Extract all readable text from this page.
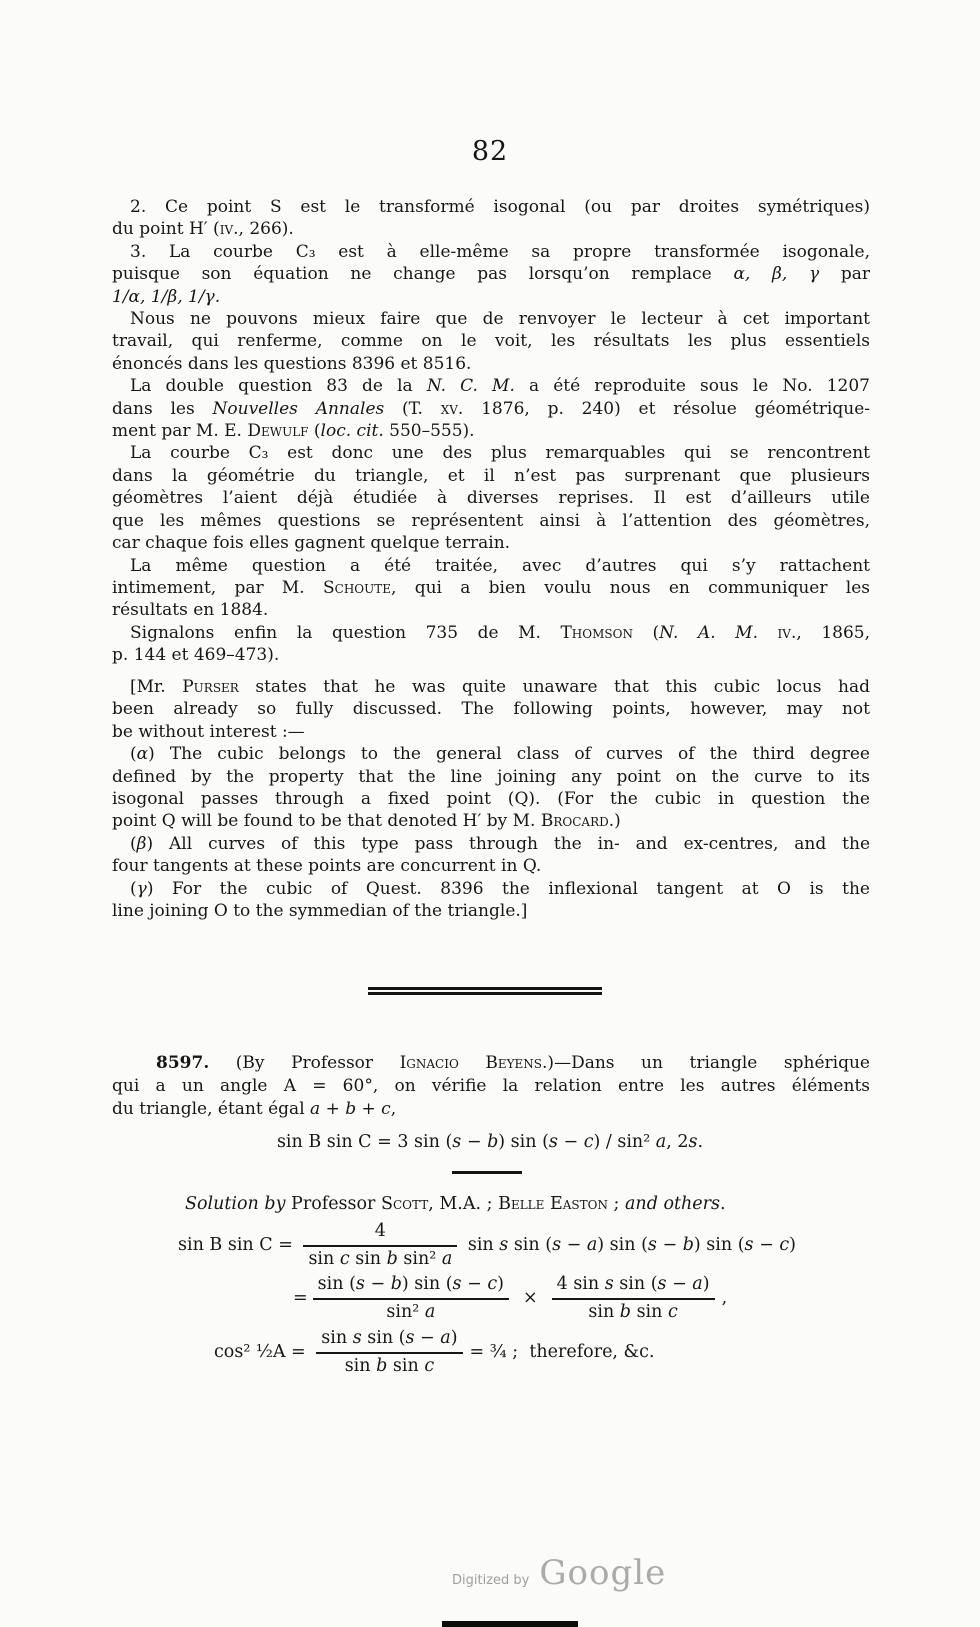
82
2. Ce point S est le transformé isogonal (ou par droites symétriques)
du point H′ (iv., 266).
3. La courbe C₃ est à elle-même sa propre transformée isogonale,
puisque son équation ne change pas lorsqu’on remplace α, β, γ par
1/α, 1/β, 1/γ.
Nous ne pouvons mieux faire que de renvoyer le lecteur à cet important
travail, qui renferme, comme on le voit, les résultats les plus essentiels
énoncés dans les questions 8396 et 8516.
La double question 83 de la N. C. M. a été reproduite sous le No. 1207
dans les Nouvelles Annales (T. xv. 1876, p. 240) et résolue géométrique-
ment par M. E. Dewulf (loc. cit. 550–555).
La courbe C₃ est donc une des plus remarquables qui se rencontrent
dans la géométrie du triangle, et il n’est pas surprenant que plusieurs
géomètres l’aient déjà étudiée à diverses reprises. Il est d’ailleurs utile
que les mêmes questions se représentent ainsi à l’attention des géomètres,
car chaque fois elles gagnent quelque terrain.
La même question a été traitée, avec d’autres qui s’y rattachent
intimement, par M. Schoute, qui a bien voulu nous en communiquer les
résultats en 1884.
Signalons enfin la question 735 de M. Thomson (N. A. M. iv., 1865,
p. 144 et 469–473).
[Mr. Purser states that he was quite unaware that this cubic locus had
been already so fully discussed. The following points, however, may not
be without interest :—
(α) The cubic belongs to the general class of curves of the third degree
defined by the property that the line joining any point on the curve to its
isogonal passes through a fixed point (Q). (For the cubic in question the
point Q will be found to be that denoted H′ by M. Brocard.)
(β) All curves of this type pass through the in- and ex-centres, and the
four tangents at these points are concurrent in Q.
(γ) For the cubic of Quest. 8396 the inflexional tangent at O is the
line joining O to the symmedian of the triangle.]
8597. (By Professor Ignacio Beyens.)—Dans un triangle sphérique
qui a un angle A = 60°, on vérifie la relation entre les autres éléments
du triangle, étant égal a + b + c,
sin B sin C = 3 sin (s − b) sin (s − c) / sin² a, 2s.
Solution by Professor Scott, M.A. ; Belle Easton ; and others.
sin B $\sin C = \frac{4}{\text{sin c sin b sin² a}}$ sin s sin (s − a) sin (s − b) sin (s − c)
= $\frac{\sin (s - b) \sin (s - c)}{\text{sin² a}} \times \frac{\text{4 sin s sin (s − a)}}{\text{sin b sin c}}$ ,
cos² ½A = $\frac{\text{sin s sin (s − a)}}{\text{sin b sin c}}$ = ¾ ;  therefore, &c.
Digitized by Google
